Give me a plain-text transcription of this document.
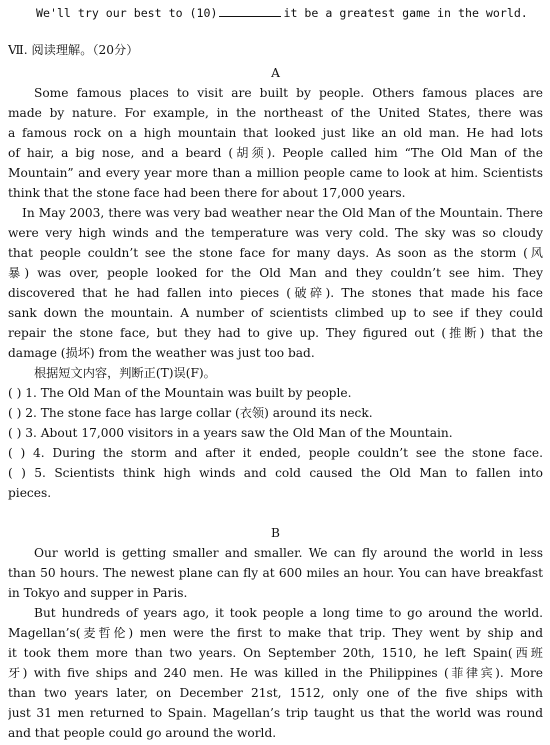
We'll try our best to (10)	it be a greatest game in the world.
Ⅶ. 阅读理解。（20分）
A
Some famous places to visit are built by people. Others famous places are
made by nature. For example, in the northeast of the United States, there was
a famous rock on a high mountain that looked just like an old man. He had lots
of hair, a big nose, and a beard (胡须). People called him “The Old Man of the
Mountain” and every year more than a million people came to look at him. Scientists
think that the stone face had been there for about 17,000 years.
In May 2003, there was very bad weather near the Old Man of the Mountain. There
were very high winds and the temperature was very cold. The sky was so cloudy
that people couldn’t see the stone face for many days. As soon as the storm (风
暴) was over, people looked for the Old Man and they couldn’t see him. They
discovered that he had fallen into pieces (破碎). The stones that made his face
sank down the mountain. A number of scientists climbed up to see if they could
repair the stone face, but they had to give up. They figured out (推断) that the
damage (损坏) from the weather was just too bad.
根据短文内容，判断正(T)误(F)。
( ) 1. The Old Man of the Mountain was built by people.
( ) 2. The stone face has large collar (衣领) around its neck.
( ) 3. About 17,000 visitors in a years saw the Old Man of the Mountain.
( ) 4. During the storm and after it ended, people couldn’t see the stone face.
( ) 5. Scientists think high winds and cold caused the Old Man to fallen into
pieces.
B
Our world is getting smaller and smaller. We can fly around the world in less
than 50 hours. The newest plane can fly at 600 miles an hour. You can have breakfast
in Tokyo and supper in Paris.
But hundreds of years ago, it took people a long time to go around the world.
Magellan’s(麦哲伦) men were the first to make that trip. They went by ship and
it took them more than two years. On September 20th, 1510, he left Spain(西班
牙) with five ships and 240 men. He was killed in the Philippines (菲律宾). More
than two years later, on December 21st, 1512, only one of the five ships with
just 31 men returned to Spain. Magellan’s trip taught us that the world was round
and that people could go around the world.
